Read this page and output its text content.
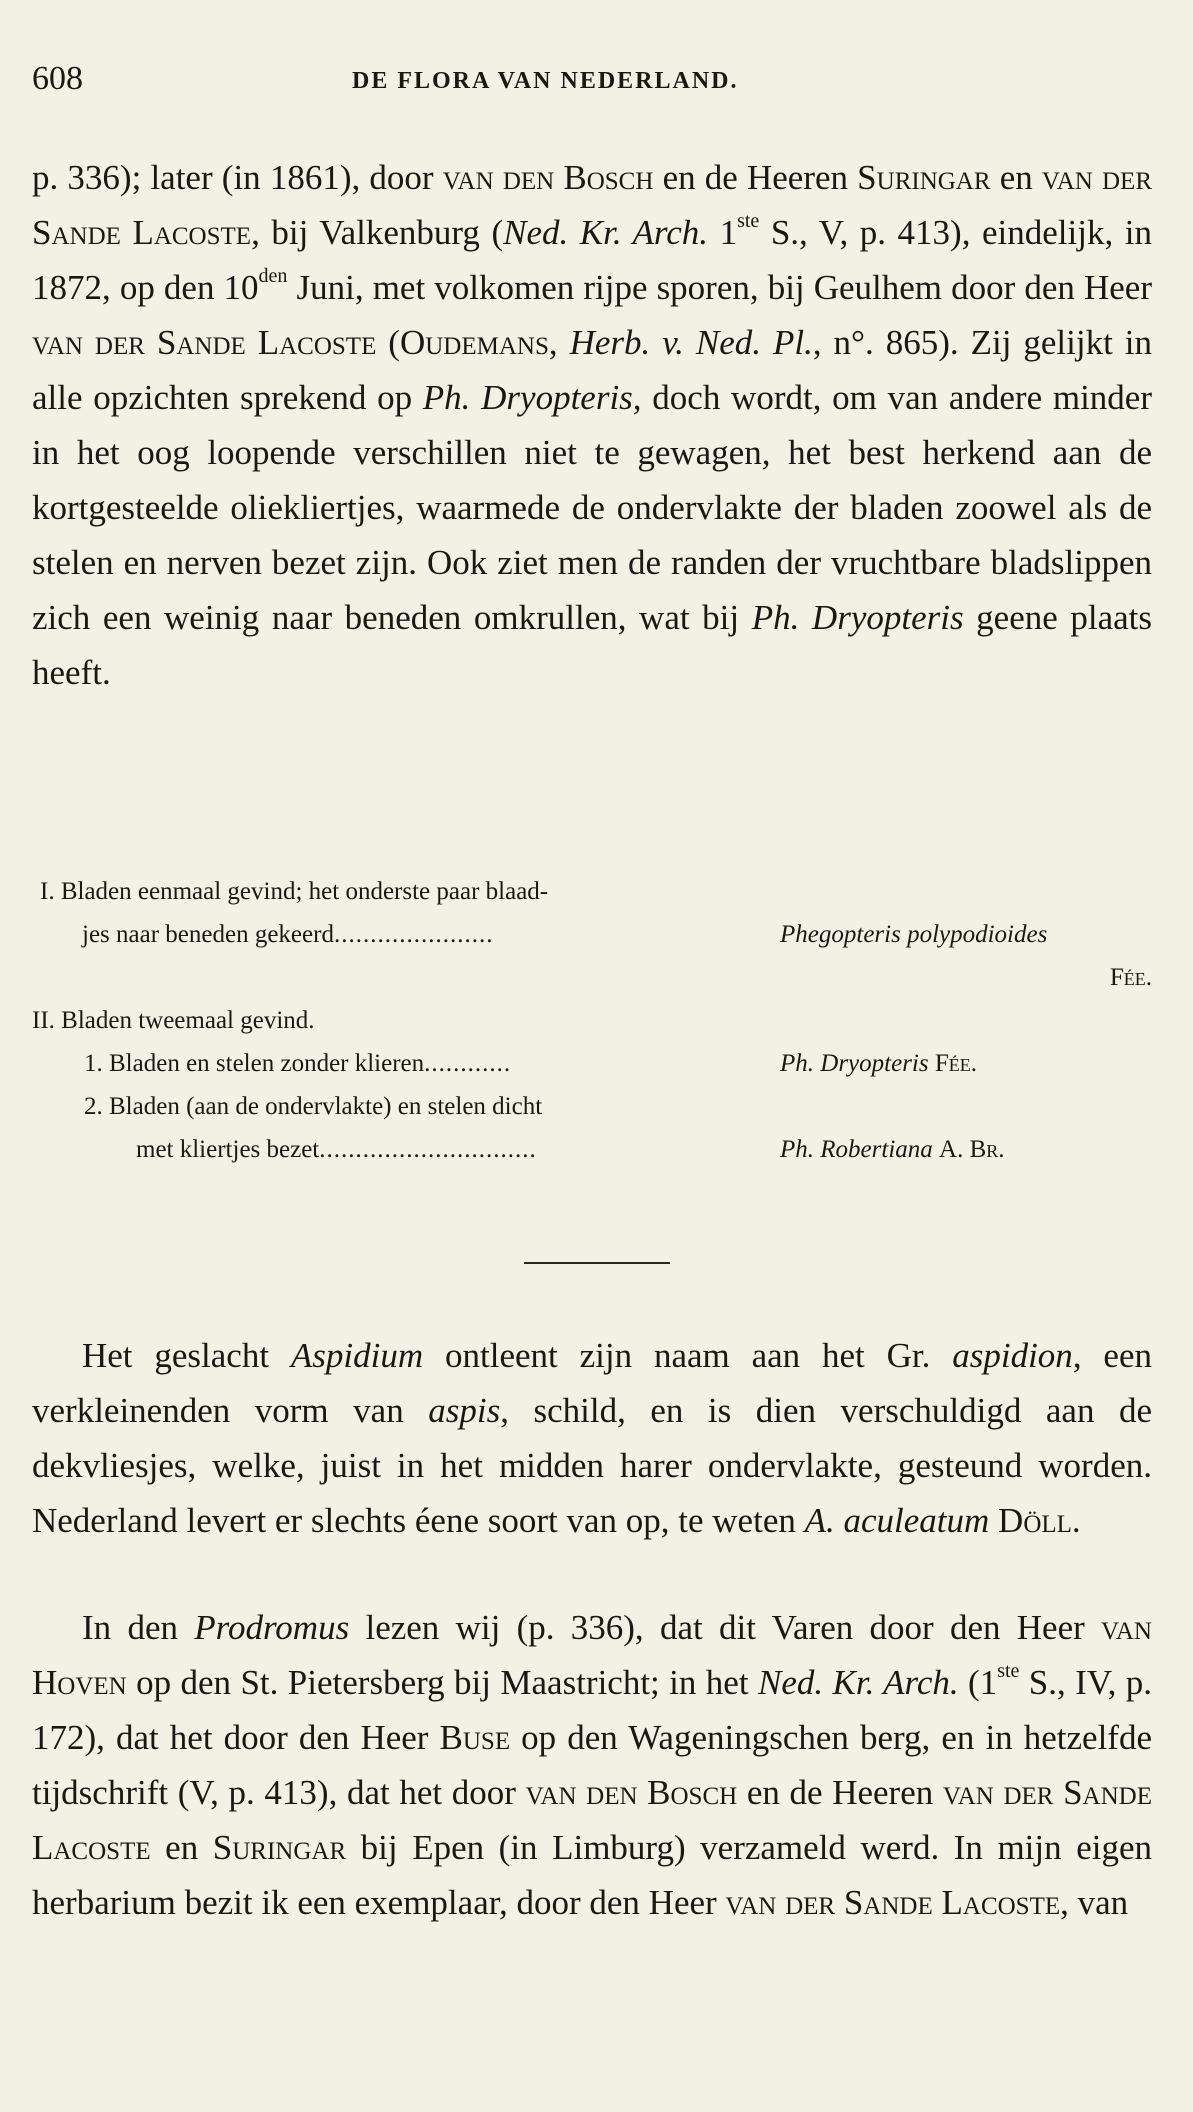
608	DE FLORA VAN NEDERLAND.
p. 336); later (in 1861), door van den Bosch en de Heeren Suringar en van der Sande Lacoste, bij Valkenburg (Ned. Kr. Arch. 1ste S., V, p. 413), eindelijk, in 1872, op den $10^{den}$ Juni, met volkomen rijpe sporen, bij Geulhem door den Heer van der Sande Lacoste (Oudemans, Herb. v. Ned. Pl., n°. 865). Zij gelijkt in alle opzichten sprekend op Ph. Dryopteris, doch wordt, om van andere minder in het oog loopende verschillen niet te gewagen, het best herkend aan de kortgesteelde oliekliertjes, waarmede de ondervlakte der bladen zoowel als de stelen en nerven bezet zijn. Ook ziet men de randen der vruchtbare bladslippen zich een weinig naar beneden omkrullen, wat bij Ph. Dryopteris geene plaats heeft.
I. Bladen eenmaal gevind; het onderste paar blaad-
jes naar beneden gekeerd......................	Phegopteris polypodioides
Fée.
II. Bladen tweemaal gevind.
1. Bladen en stelen zonder klieren............	Ph. Dryopteris Fée.
2. Bladen (aan de ondervlakte) en stelen dicht
met kliertjes bezet..............................	Ph. Robertiana A. Br.
Het geslacht Aspidium ontleent zijn naam aan het Gr. aspidion, een verkleinenden vorm van aspis, schild, en is dien verschuldigd aan de dekvliesjes, welke, juist in het midden harer ondervlakte, gesteund worden. Nederland levert er slechts éene soort van op, te weten A. aculeatum Döll.
In den Prodromus lezen wij (p. 336), dat dit Varen door den Heer van Hoven op den St. Pietersberg bij Maastricht; in het Ned. Kr. Arch. (1ste S., IV, p. 172), dat het door den Heer Buse op den Wageningschen berg, en in hetzelfde tijdschrift (V, p. 413), dat het door van den Bosch en de Heeren van der Sande Lacoste en Suringar bij Epen (in Limburg) verzameld werd. In mijn eigen herbarium bezit ik een exemplaar, door den Heer van der Sande Lacoste, van
